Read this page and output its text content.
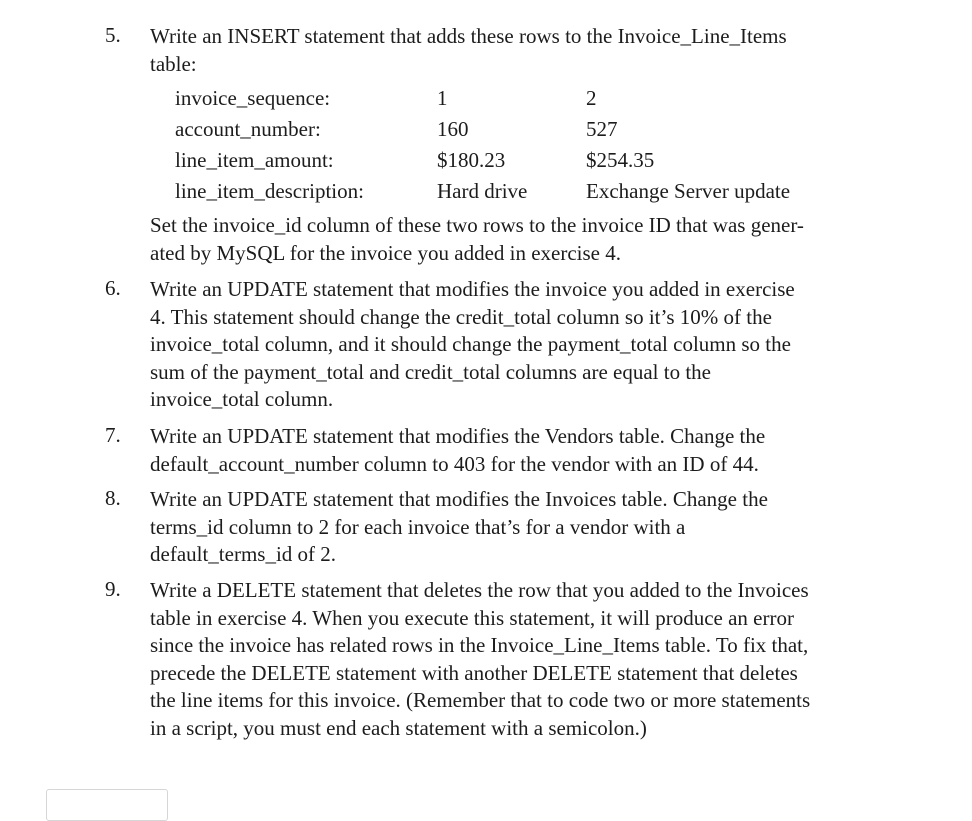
5.	Write an INSERT statement that adds these rows to the Invoice_Line_Items
table:
invoice_sequence:	1	2
account_number:	160	527
line_item_amount:	$180.23	$254.35
line_item_description:	Hard drive	Exchange Server update
Set the invoice_id column of these two rows to the invoice ID that was gener-
ated by MySQL for the invoice you added in exercise 4.
6.	Write an UPDATE statement that modifies the invoice you added in exercise
4. This statement should change the credit_total column so it’s 10% of the
invoice_total column, and it should change the payment_total column so the
sum of the payment_total and credit_total columns are equal to the
invoice_total column.
7.	Write an UPDATE statement that modifies the Vendors table. Change the
default_account_number column to 403 for the vendor with an ID of 44.
8.	Write an UPDATE statement that modifies the Invoices table. Change the
terms_id column to 2 for each invoice that’s for a vendor with a
default_terms_id of 2.
9.	Write a DELETE statement that deletes the row that you added to the Invoices
table in exercise 4. When you execute this statement, it will produce an error
since the invoice has related rows in the Invoice_Line_Items table. To fix that,
precede the DELETE statement with another DELETE statement that deletes
the line items for this invoice. (Remember that to code two or more statements
in a script, you must end each statement with a semicolon.)
